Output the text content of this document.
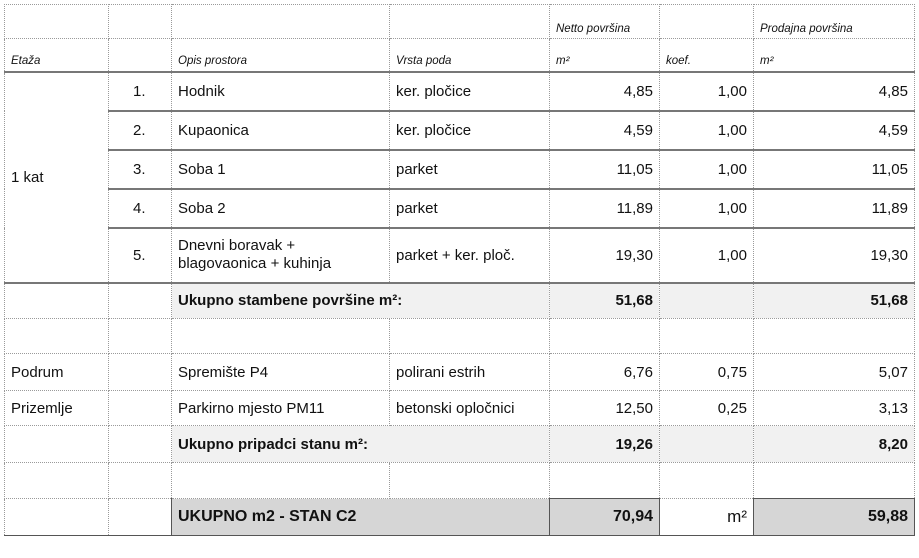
				Netto površina		Prodajna površina
Etaža		Opis prostora	Vrsta poda	m²	koef.	m²
1 kat	1.	Hodnik	ker. pločice	4,85	1,00	4,85
	2.	Kupaonica	ker. pločice	4,59	1,00	4,59
	3.	Soba 1	parket	11,05	1,00	11,05
	4.	Soba 2	parket	11,89	1,00	11,89
	5.	Dnevni boravak + blagovaonica + kuhinja	parket + ker. ploč.	19,30	1,00	19,30
		Ukupno stambene površine m²:		51,68		51,68

Podrum		Spremište P4	polirani estrih	6,76	0,75	5,07
Prizemlje		Parkirno mjesto PM11	betonski opločnici	12,50	0,25	3,13
		Ukupno pripadci stanu m²:		19,26		8,20

		UKUPNO m2 - STAN C2		70,94	m²	59,88
